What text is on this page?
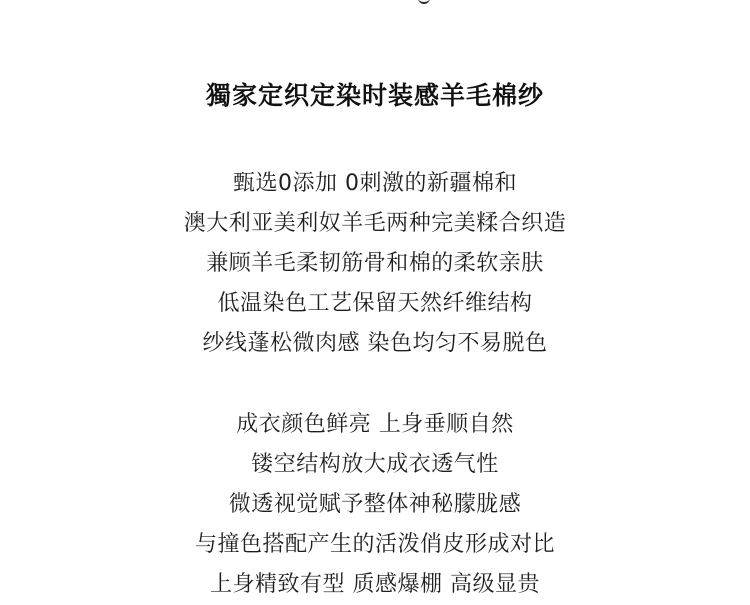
獨家定织定染时装感羊毛棉纱
甄选0添加 0刺激的新疆棉和
澳大利亚美利奴羊毛两种完美糅合织造
兼顾羊毛柔韧筋骨和棉的柔软亲肤
低温染色工艺保留天然纤维结构
纱线蓬松微肉感 染色均匀不易脱色
成衣颜色鲜亮 上身垂顺自然
镂空结构放大成衣透气性
微透视觉赋予整体神秘朦胧感
与撞色搭配产生的活泼俏皮形成对比
上身精致有型 质感爆棚 高级显贵
